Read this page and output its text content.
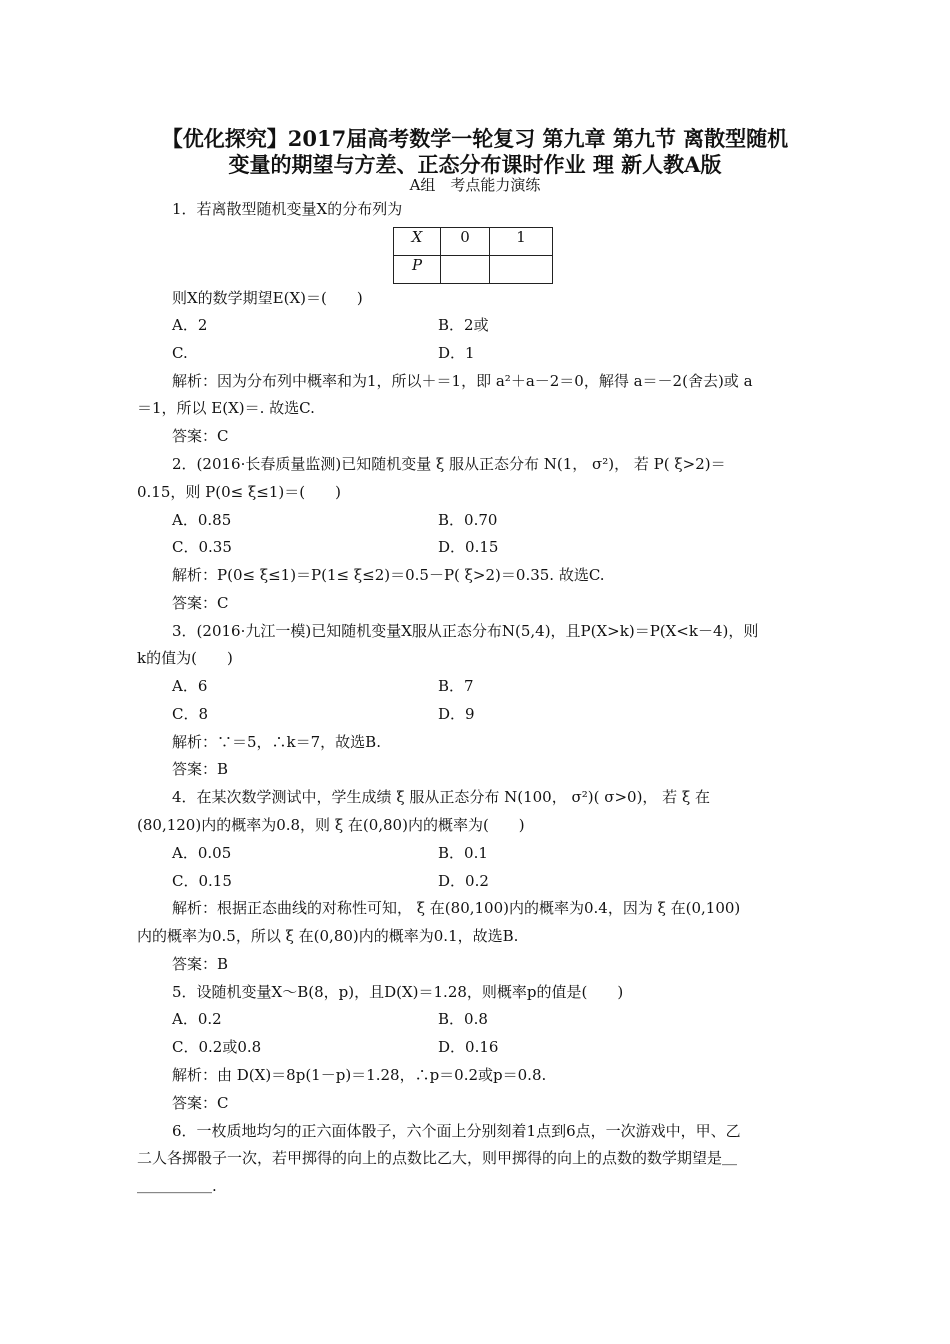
【优化探究】2017届高考数学一轮复习 第九章 第九节 离散型随机
变量的期望与方差、正态分布课时作业 理 新人教A版
A组　考点能力演练
1．若离散型随机变量X的分布列为
X	0	1
P		
则X的数学期望E(X)＝(　　)
A．2	B．2或
C.	D．1
解析：因为分布列中概率和为1，所以＋＝1，即 a²＋a－2＝0，解得 a＝－2(舍去)或 a
＝1，所以 E(X)＝. 故选C.
答案：C
2．(2016·长春质量监测)已知随机变量 ξ 服从正态分布 N(1， σ²)， 若 P( ξ>2)＝
0.15，则 P(0≤ ξ≤1)＝(　　)
A．0.85	B．0.70
C．0.35	D．0.15
解析：P(0≤ ξ≤1)＝P(1≤ ξ≤2)＝0.5－P( ξ>2)＝0.35. 故选C.
答案：C
3．(2016·九江一模)已知随机变量X服从正态分布N(5,4)，且P(X>k)＝P(X<k－4)，则
k的值为(　　)
A．6	B．7
C．8	D．9
解析：∵＝5，∴k＝7，故选B.
答案：B
4．在某次数学测试中，学生成绩 ξ 服从正态分布 N(100， σ²)( σ>0)， 若 ξ 在
(80,120)内的概率为0.8，则 ξ 在(0,80)内的概率为(　　)
A．0.05	B．0.1
C．0.15	D．0.2
解析：根据正态曲线的对称性可知， ξ 在(80,100)内的概率为0.4，因为 ξ 在(0,100)
内的概率为0.5，所以 ξ 在(0,80)内的概率为0.1，故选B.
答案：B
5．设随机变量X～B(8，p)，且D(X)＝1.28，则概率p的值是(　　)
A．0.2	B．0.8
C．0.2或0.8	D．0.16
解析：由 D(X)＝8p(1－p)＝1.28，∴p＝0.2或p＝0.8.
答案：C
6．一枚质地均匀的正六面体骰子，六个面上分别刻着1点到6点，一次游戏中，甲、乙
二人各掷骰子一次，若甲掷得的向上的点数比乙大，则甲掷得的向上的点数的数学期望是＿
＿＿＿＿＿.
